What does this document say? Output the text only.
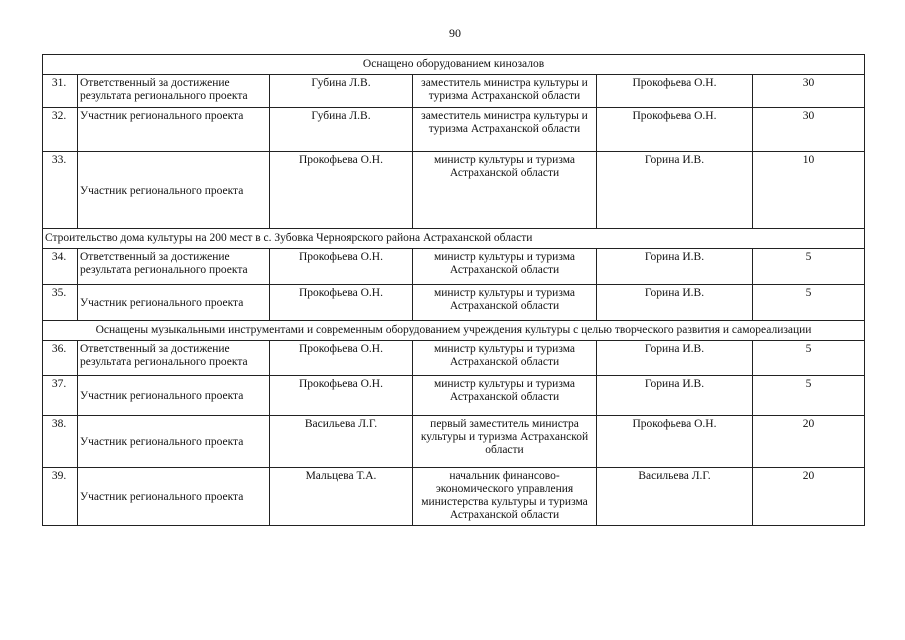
90
Оснащено оборудованием кинозалов					
31.	Ответственный за достижение результата регионального проекта	Губина Л.В.	заместитель министра культуры и туризма Астраханской области	Прокофьева О.Н.	30
32.	Участник регионального проекта	Губина Л.В.	заместитель министра культуры и туризма Астраханской области	Прокофьева О.Н.	30
33.	Участник регионального проекта	Прокофьева О.Н.	министр культуры и туризма Астраханской области	Горина И.В.	10
Строительство дома культуры на 200 мест в с. Зубовка Черноярского района Астраханской области					
34.	Ответственный за достижение результата регионального проекта	Прокофьева О.Н.	министр культуры и туризма Астраханской области	Горина И.В.	5
35.	Участник регионального проекта	Прокофьева О.Н.	министр культуры и туризма Астраханской области	Горина И.В.	5
Оснащены музыкальными инструментами и современным оборудованием учреждения культуры с целью творческого развития и самореализации					
36.	Ответственный за достижение результата регионального проекта	Прокофьева О.Н.	министр культуры и туризма Астраханской области	Горина И.В.	5
37.	Участник регионального проекта	Прокофьева О.Н.	министр культуры и туризма Астраханской области	Горина И.В.	5
38.	Участник регионального проекта	Васильева Л.Г.	первый заместитель министра культуры и туризма Астраханской области	Прокофьева О.Н.	20
39.	Участник регионального проекта	Мальцева Т.А.	начальник финансово-экономического управления министерства культуры и туризма Астраханской области	Васильева Л.Г.	20
